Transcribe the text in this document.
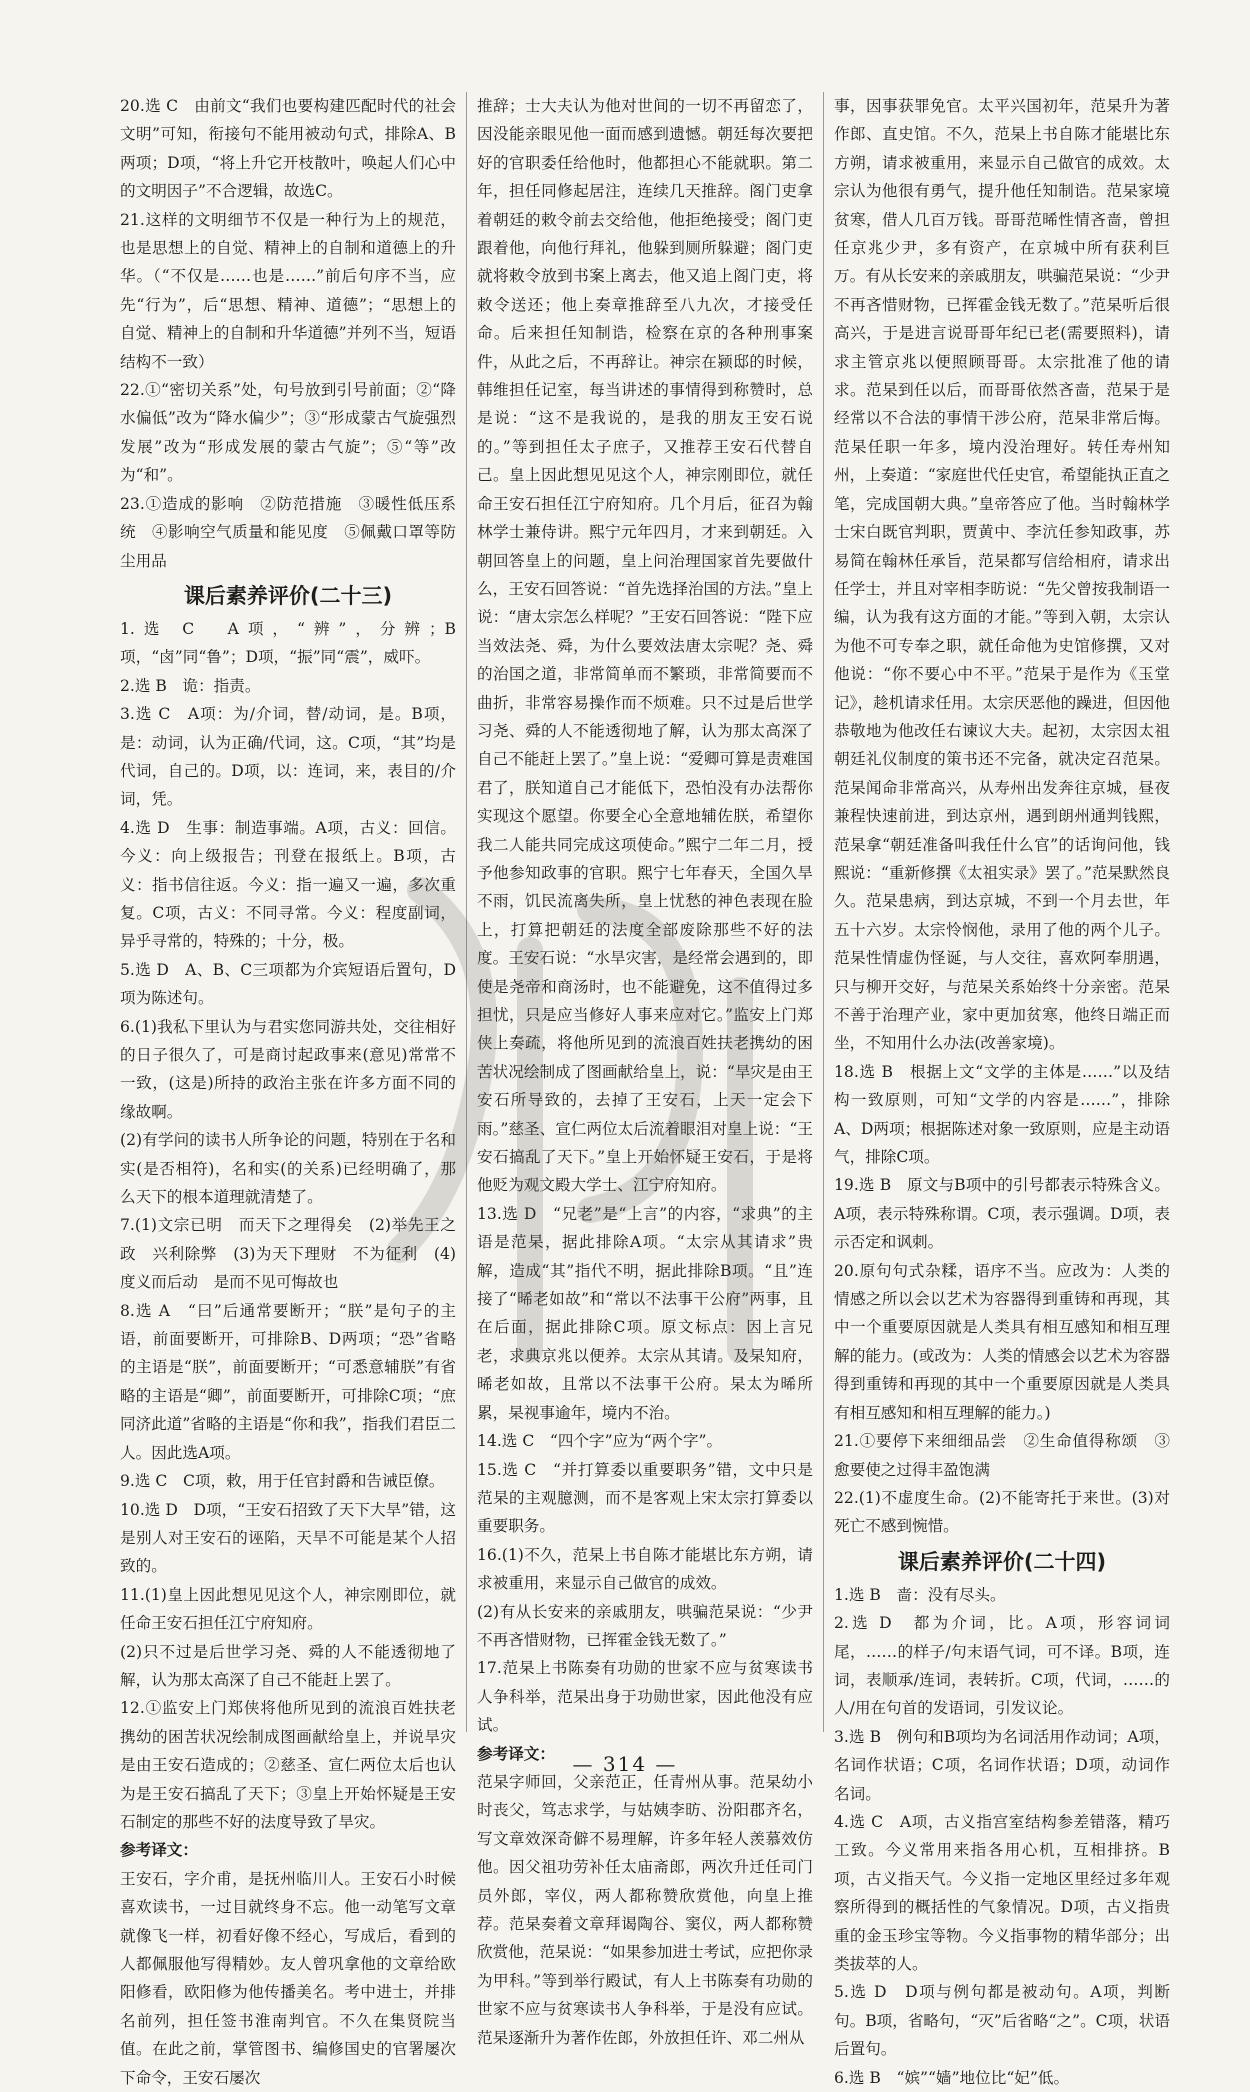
20.选 C　由前文“我们也要构建匹配时代的社会文明”可知，衔接句不能用被动句式，排除A、B两项；D项，“将上升它开枝散叶，唤起人们心中的文明因子”不合逻辑，故选C。

21.这样的文明细节不仅是一种行为上的规范，也是思想上的自觉、精神上的自制和道德上的升华。（“不仅是……也是……”前后句序不当，应先“行为”，后“思想、精神、道德”；“思想上的自觉、精神上的自制和升华道德”并列不当，短语结构不一致）

22.①“密切关系”处，句号放到引号前面；②“降水偏低”改为“降水偏少”；③“形成蒙古气旋强烈发展”改为“形成发展的蒙古气旋”；⑤“等”改为“和”。

23.①造成的影响　②防范措施　③暖性低压系统　④影响空气质量和能见度　⑤佩戴口罩等防尘用品

课后素养评价(二十三)

1.选 C　A项，“辨”，分辨；B项，“卤”同“鲁”；D项，“振”同“震”，威吓。

2.选 B　诡：指责。

3.选 C　A项：为/介词，替/动词，是。B项，是：动词，认为正确/代词，这。C项，“其”均是代词，自己的。D项，以：连词，来，表目的/介词，凭。

4.选 D　生事：制造事端。A项，古义：回信。今义：向上级报告；刊登在报纸上。B项，古义：指书信往返。今义：指一遍又一遍，多次重复。C项，古义：不同寻常。今义：程度副词，异乎寻常的，特殊的；十分，极。

5.选 D　A、B、C三项都为介宾短语后置句，D项为陈述句。

6.(1)我私下里认为与君实您同游共处，交往相好的日子很久了，可是商讨起政事来(意见)常常不一致，(这是)所持的政治主张在许多方面不同的缘故啊。

(2)有学问的读书人所争论的问题，特别在于名和实(是否相符)，名和实(的关系)已经明确了，那么天下的根本道理就清楚了。

7.(1)文宗已明　而天下之理得矣　(2)举先王之政　兴利除弊　(3)为天下理财　不为征利　(4)度义而后动　是而不见可悔故也

8.选 A　“曰”后通常要断开；“朕”是句子的主语，前面要断开，可排除B、D两项；“恐”省略的主语是“朕”，前面要断开；“可悉意辅朕”有省略的主语是“卿”，前面要断开，可排除C项；“庶同济此道”省略的主语是“你和我”，指我们君臣二人。因此选A项。

9.选 C　C项，敕，用于任官封爵和告诫臣僚。

10.选 D　D项，“王安石招致了天下大旱”错，这是别人对王安石的诬陷，天旱不可能是某个人招致的。

11.(1)皇上因此想见见这个人，神宗刚即位，就任命王安石担任江宁府知府。

(2)只不过是后世学习尧、舜的人不能透彻地了解，认为那太高深了自己不能赶上罢了。

12.①监安上门郑侠将他所见到的流浪百姓扶老携幼的困苦状况绘制成图画献给皇上，并说旱灾是由王安石造成的；②慈圣、宣仁两位太后也认为是王安石搞乱了天下；③皇上开始怀疑是王安石制定的那些不好的法度导致了旱灾。

参考译文：

王安石，字介甫，是抚州临川人。王安石小时候喜欢读书，一过目就终身不忘。他一动笔写文章就像飞一样，初看好像不经心，写成后，看到的人都佩服他写得精妙。友人曾巩拿他的文章给欧阳修看，欧阳修为他传播美名。考中进士，并排名前列，担任签书淮南判官。不久在集贤院当值。在此之前，掌管图书、编修国史的官署屡次下命令，王安石屡次

推辞；士大夫认为他对世间的一切不再留恋了，因没能亲眼见他一面而感到遗憾。朝廷每次要把好的官职委任给他时，他都担心不能就职。第二年，担任同修起居注，连续几天推辞。阁门吏拿着朝廷的敕令前去交给他，他拒绝接受；阁门吏跟着他，向他行拜礼，他躲到厕所躲避；阁门吏就将敕令放到书案上离去，他又追上阁门吏，将敕令送还；他上奏章推辞至八九次，才接受任命。后来担任知制诰，检察在京的各种刑事案件，从此之后，不再辞让。神宗在颍邸的时候，韩维担任记室，每当讲述的事情得到称赞时，总是说：“这不是我说的，是我的朋友王安石说的。”等到担任太子庶子，又推荐王安石代替自己。皇上因此想见见这个人，神宗刚即位，就任命王安石担任江宁府知府。几个月后，征召为翰林学士兼侍讲。熙宁元年四月，才来到朝廷。入朝回答皇上的问题，皇上问治理国家首先要做什么，王安石回答说：“首先选择治国的方法。”皇上说：“唐太宗怎么样呢？”王安石回答说：“陛下应当效法尧、舜，为什么要效法唐太宗呢？尧、舜的治国之道，非常简单而不繁琐，非常简要而不曲折，非常容易操作而不烦难。只不过是后世学习尧、舜的人不能透彻地了解，认为那太高深了自己不能赶上罢了。”皇上说：“爱卿可算是责难国君了，朕知道自己才能低下，恐怕没有办法帮你实现这个愿望。你要全心全意地辅佐朕，希望你我二人能共同完成这项使命。”熙宁二年二月，授予他参知政事的官职。熙宁七年春天，全国久旱不雨，饥民流离失所，皇上忧愁的神色表现在脸上，打算把朝廷的法度全部废除那些不好的法度。王安石说：“水旱灾害，是经常会遇到的，即使是尧帝和商汤时，也不能避免，这不值得过多担忧，只是应当修好人事来应对它。”监安上门郑侠上奏疏，将他所见到的流浪百姓扶老携幼的困苦状况绘制成了图画献给皇上，说：“旱灾是由王安石所导致的，去掉了王安石，上天一定会下雨。”慈圣、宣仁两位太后流着眼泪对皇上说：“王安石搞乱了天下。”皇上开始怀疑王安石，于是将他贬为观文殿大学士、江宁府知府。

13.选 D　“兄老”是“上言”的内容，“求典”的主语是范杲，据此排除A项。“太宗从其请求”贵解，造成“其”指代不明，据此排除B项。“且”连接了“晞老如故”和“常以不法事干公府”两事，且在后面，据此排除C项。原文标点：因上言兄老，求典京兆以便养。太宗从其请。及杲知府，晞老如故，且常以不法事干公府。杲太为晞所累，杲视事逾年，境内不治。

14.选 C　“四个字”应为“两个字”。

15.选 C　“并打算委以重要职务”错，文中只是范杲的主观臆测，而不是客观上宋太宗打算委以重要职务。

16.(1)不久，范杲上书自陈才能堪比东方朔，请求被重用，来显示自己做官的成效。

(2)有从长安来的亲戚朋友，哄骗范杲说：“少尹不再吝惜财物，已挥霍金钱无数了。”

17.范杲上书陈奏有功勋的世家不应与贫寒读书人争科举，范杲出身于功勋世家，因此他没有应试。

参考译文：

范杲字师回，父亲范正，任青州从事。范杲幼小时丧父，笃志求学，与姑姨李昉、汾阳郡齐名，写文章效深奇僻不易理解，许多年轻人羡慕效仿他。因父祖功劳补任太庙斋郎，两次升迁任司门员外郎，宰仪，两人都称赞欣赏他，向皇上推荐。范杲奏着文章拜谒陶谷、窦仪，两人都称赞欣赏他，范杲说：“如果参加进士考试，应把你录为甲科。”等到举行殿试，有人上书陈奏有功勋的世家不应与贫寒读书人争科举，于是没有应试。范杲逐渐升为著作佐郎，外放担任许、邓二州从

事，因事获罪免官。太平兴国初年，范杲升为著作郎、直史馆。不久，范杲上书自陈才能堪比东方朔，请求被重用，来显示自己做官的成效。太宗认为他很有勇气，提升他任知制诰。范杲家境贫寒，借人几百万钱。哥哥范晞性情吝啬，曾担任京兆少尹，多有资产，在京城中所有获利巨万。有从长安来的亲戚朋友，哄骗范杲说：“少尹不再吝惜财物，已挥霍金钱无数了。”范杲听后很高兴，于是进言说哥哥年纪已老(需要照料)，请求主管京兆以便照顾哥哥。太宗批准了他的请求。范杲到任以后，而哥哥依然吝啬，范杲于是经常以不合法的事情干涉公府，范杲非常后悔。范杲任职一年多，境内没治理好。转任寿州知州，上奏道：“家庭世代任史官，希望能执正直之笔，完成国朝大典。”皇帝答应了他。当时翰林学士宋白既官判职，贾黄中、李沆任参知政事，苏易简在翰林任承旨，范杲都写信给相府，请求出任学士，并且对宰相李昉说：“先父曾按我制语一编，认为我有这方面的才能。”等到入朝，太宗认为他不可专奉之职，就任命他为史馆修撰，又对他说：“你不要心中不平。”范杲于是作为《玉堂记》，趁机请求任用。太宗厌恶他的躁进，但因他恭敬地为他改任右谏议大夫。起初，太宗因太祖朝廷礼仪制度的策书还不完备，就决定召范杲。范杲闻命非常高兴，从寿州出发奔往京城，昼夜兼程快速前进，到达京州，遇到朗州通判钱熙，范杲拿“朝廷准备叫我任什么官”的话询问他，钱熙说：“重新修撰《太祖实录》罢了。”范杲默然良久。范杲患病，到达京城，不到一个月去世，年五十六岁。太宗怜悯他，录用了他的两个儿子。范杲性情虚伪怪诞，与人交往，喜欢阿奉朋遇，只与柳开交好，与范杲关系始终十分亲密。范杲不善于治理产业，家中更加贫寒，他终日端正而坐，不知用什么办法(改善家境)。

18.选 B　根据上文“文学的主体是……”以及结构一致原则，可知“文学的内容是……”，排除A、D两项；根据陈述对象一致原则，应是主动语气，排除C项。

19.选 B　原文与B项中的引号都表示特殊含义。A项，表示特殊称谓。C项，表示强调。D项，表示否定和讽刺。

20.原句句式杂糅，语序不当。应改为：人类的情感之所以会以艺术为容器得到重铸和再现，其中一个重要原因就是人类具有相互感知和相互理解的能力。(或改为：人类的情感会以艺术为容器得到重铸和再现的其中一个重要原因就是人类具有相互感知和相互理解的能力。)

21.①要停下来细细品尝　②生命值得称颂　③愈要使之过得丰盈饱满

22.(1)不虚度生命。(2)不能寄托于来世。(3)对死亡不感到惋惜。

课后素养评价(二十四)

1.选 B　啬：没有尽头。

2.选 D　都为介词，比。A项，形容词词尾，……的样子/句末语气词，可不译。B项，连词，表顺承/连词，表转折。C项，代词，……的人/用在句首的发语词，引发议论。

3.选 B　例句和B项均为名词活用作动词；A项，名词作状语；C项，名词作状语；D项，动词作名词。

4.选 C　A项，古义指宫室结构参差错落，精巧工致。今义常用来指各用心机，互相排挤。B项，古义指天气。今义指一定地区里经过多年观察所得到的概括性的气象情况。D项，古义指贵重的金玉珍宝等物。今义指事物的精华部分；出类拔萃的人。

5.选 D　D项与例句都是被动句。A项，判断句。B项，省略句，“灭”后省略“之”。C项，状语后置句。

6.选 B　“嫔”“嫱”地位比“妃”低。

— 314 —
